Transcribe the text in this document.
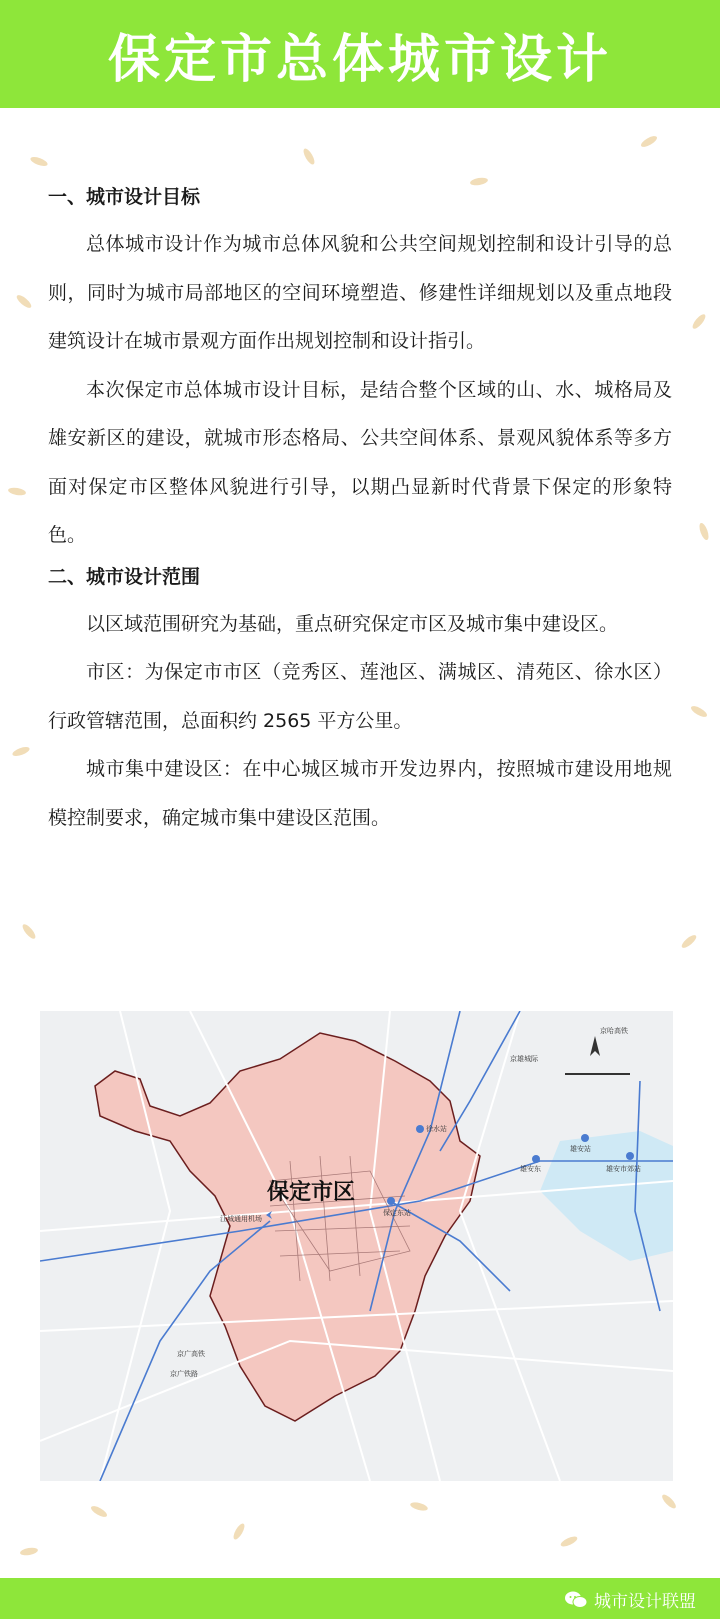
保定市总体城市设计

一、城市设计目标

总体城市设计作为城市总体风貌和公共空间规划控制和设计引导的总则，同时为城市局部地区的空间环境塑造、修建性详细规划以及重点地段建筑设计在城市景观方面作出规划控制和设计指引。

本次保定市总体城市设计目标，是结合整个区域的山、水、城格局及雄安新区的建设，就城市形态格局、公共空间体系、景观风貌体系等多方面对保定市区整体风貌进行引导，以期凸显新时代背景下保定的形象特色。

二、城市设计范围

以区域范围研究为基础，重点研究保定市区及城市集中建设区。

市区：为保定市市区（竞秀区、莲池区、满城区、清苑区、徐水区）行政管辖范围，总面积约 2565 平方公里。

城市集中建设区：在中心城区城市开发边界内，按照城市建设用地规模控制要求，确定城市集中建设区范围。

保定市区
江城通用机场
徐水站
保定东站
雄安东
雄安站
雄安市郊站
京广铁路
京广高铁
京雄城际
京哈高铁
城市设计联盟
